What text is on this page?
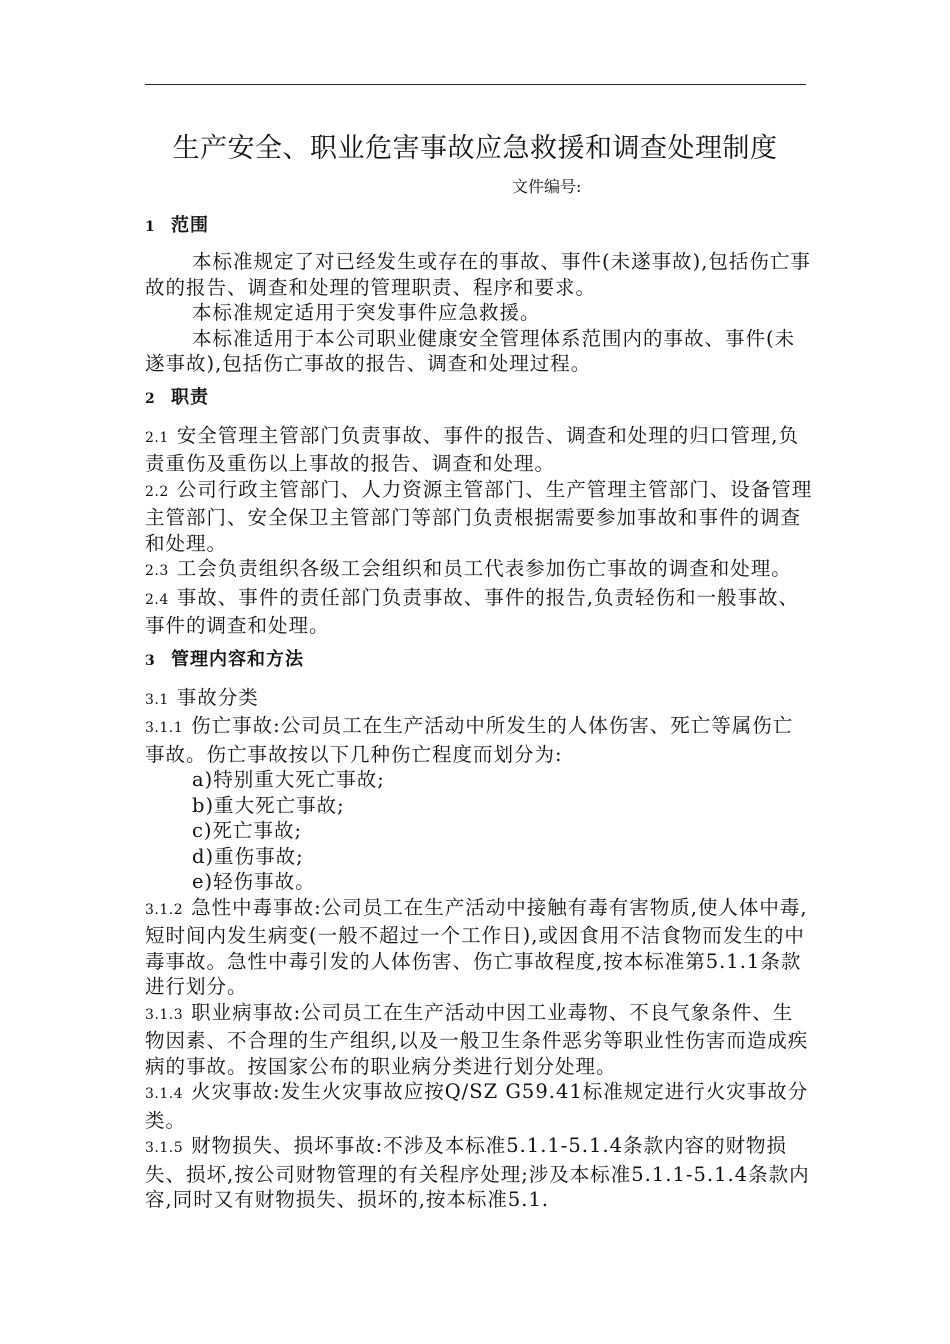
生产安全、职业危害事故应急救援和调查处理制度
文件编号:

1 范围

本标准规定了对已经发生或存在的事故、事件(未遂事故),包括伤亡事故的报告、调查和处理的管理职责、程序和要求。

本标准规定适用于突发事件应急救援。

本标准适用于本公司职业健康安全管理体系范围内的事故、事件(未遂事故),包括伤亡事故的报告、调查和处理过程。

2 职责

2.1 安全管理主管部门负责事故、事件的报告、调查和处理的归口管理,负责重伤及重伤以上事故的报告、调查和处理。

2.2 公司行政主管部门、人力资源主管部门、生产管理主管部门、设备管理主管部门、安全保卫主管部门等部门负责根据需要参加事故和事件的调查和处理。

2.3 工会负责组织各级工会组织和员工代表参加伤亡事故的调查和处理。

2.4 事故、事件的责任部门负责事故、事件的报告,负责轻伤和一般事故、事件的调查和处理。

3 管理内容和方法

3.1 事故分类

3.1.1 伤亡事故:公司员工在生产活动中所发生的人体伤害、死亡等属伤亡事故。伤亡事故按以下几种伤亡程度而划分为:

a)特别重大死亡事故;

b)重大死亡事故;

c)死亡事故;

d)重伤事故;

e)轻伤事故。

3.1.2 急性中毒事故:公司员工在生产活动中接触有毒有害物质,使人体中毒,短时间内发生病变(一般不超过一个工作日),或因食用不洁食物而发生的中毒事故。急性中毒引发的人体伤害、伤亡事故程度,按本标准第5.1.1条款进行划分。

3.1.3 职业病事故:公司员工在生产活动中因工业毒物、不良气象条件、生物因素、不合理的生产组织,以及一般卫生条件恶劣等职业性伤害而造成疾病的事故。按国家公布的职业病分类进行划分处理。

3.1.4 火灾事故:发生火灾事故应按Q/SZ G59.41标准规定进行火灾事故分类。

3.1.5 财物损失、损坏事故:不涉及本标准5.1.1-5.1.4条款内容的财物损失、损坏,按公司财物管理的有关程序处理;涉及本标准5.1.1-5.1.4条款内容,同时又有财物损失、损坏的,按本标准5.1.
